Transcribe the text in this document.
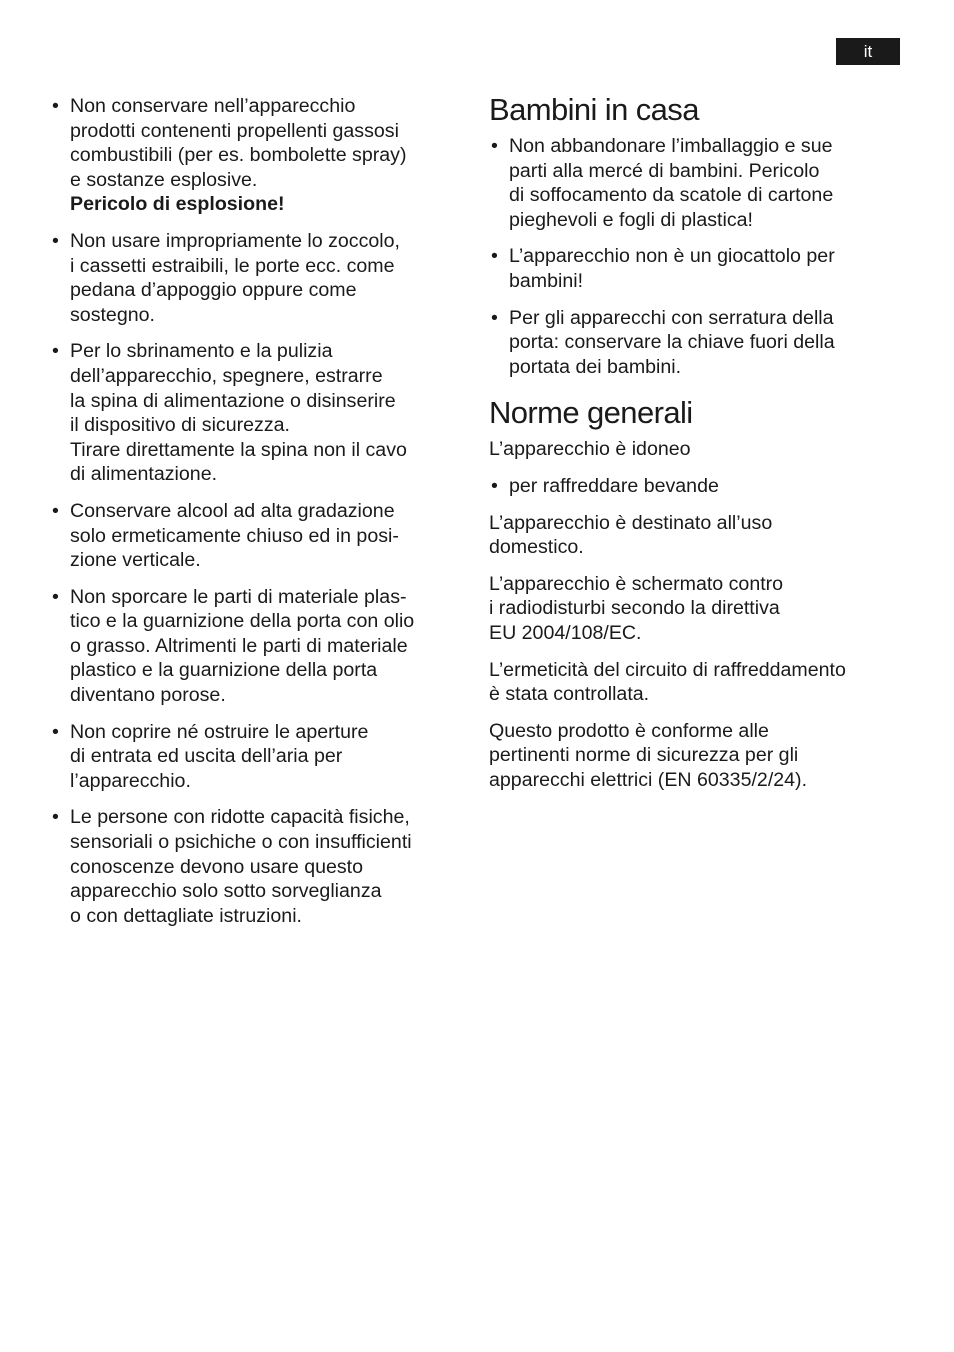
it
• Non conservare nell’apparecchio
prodotti contenenti propellenti gassosi
combustibili (per es. bombolette spray)
e sostanze esplosive.
Pericolo di esplosione!
• Non usare impropriamente lo zoccolo,
i cassetti estraibili, le porte ecc. come
pedana d’appoggio oppure come
sostegno.
• Per lo sbrinamento e la pulizia
dell’apparecchio, spegnere, estrarre
la spina di alimentazione o disinserire
il dispositivo di sicurezza.
Tirare direttamente la spina non il cavo
di alimentazione.
• Conservare alcool ad alta gradazione
solo ermeticamente chiuso ed in posi-
zione verticale.
• Non sporcare le parti di materiale plas-
tico e la guarnizione della porta con olio
o grasso. Altrimenti le parti di materiale
plastico e la guarnizione della porta
diventano porose.
• Non coprire né ostruire le aperture
di entrata ed uscita dell’aria per
l’apparecchio.
• Le persone con ridotte capacità fisiche,
sensoriali o psichiche o con insufficienti
conoscenze devono usare questo
apparecchio solo sotto sorveglianza
o con dettagliate istruzioni.
Bambini in casa
• Non abbandonare l’imballaggio e sue
parti alla mercé di bambini. Pericolo
di soffocamento da scatole di cartone
pieghevoli e fogli di plastica!
• L’apparecchio non è un giocattolo per
bambini!
• Per gli apparecchi con serratura della
porta: conservare la chiave fuori della
portata dei bambini.
Norme generali

L’apparecchio è idoneo

• per raffreddare bevande

L’apparecchio è destinato all’uso
domestico.

L’apparecchio è schermato contro
i radiodisturbi secondo la direttiva
EU 2004/108/EC.

L’ermeticità del circuito di raffreddamento
è stata controllata.

Questo prodotto è conforme alle
pertinenti norme di sicurezza per gli
apparecchi elettrici (EN 60335/2/24).
